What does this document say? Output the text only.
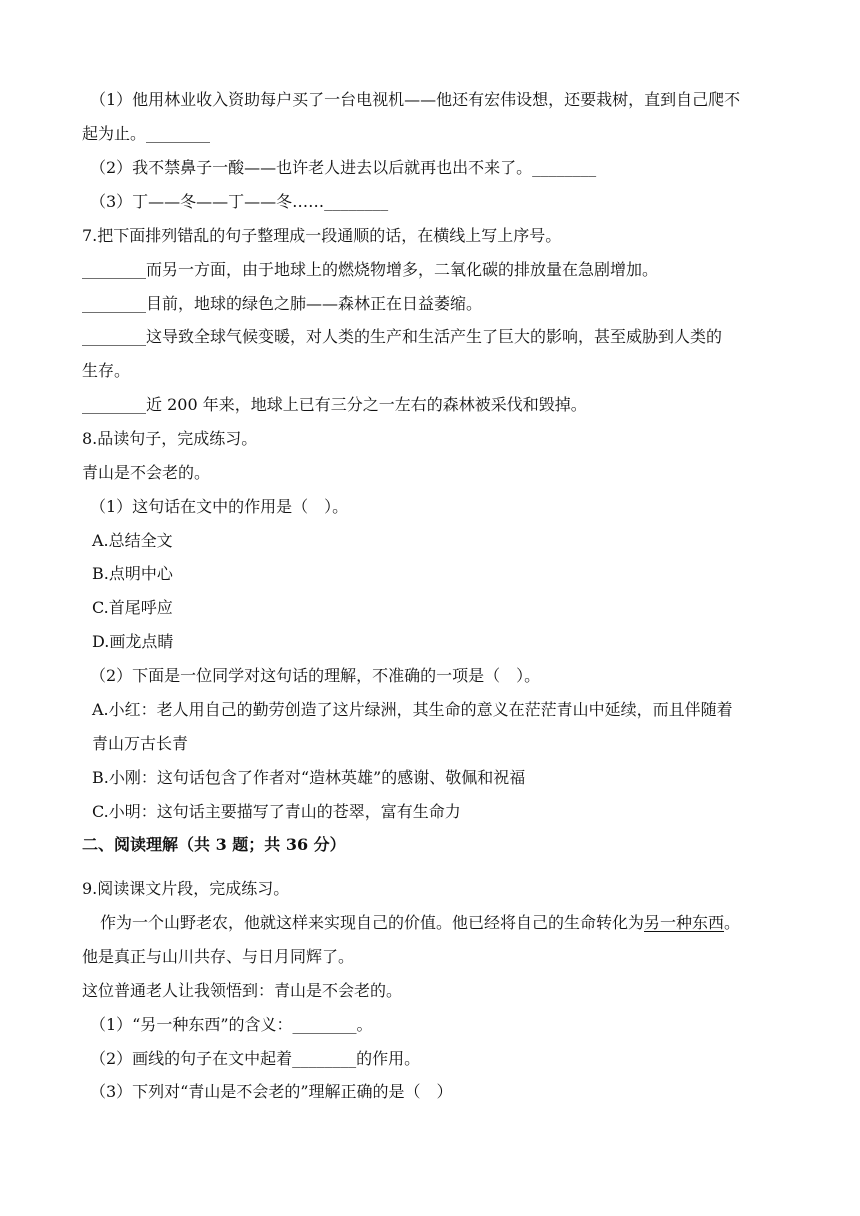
（1）他用林业收入资助每户买了一台电视机——他还有宏伟设想，还要栽树，直到自己爬不
起为止。________
（2）我不禁鼻子一酸——也许老人进去以后就再也出不来了。________
（3）丁——冬——丁——冬……________
7.把下面排列错乱的句子整理成一段通顺的话，在横线上写上序号。
________而另一方面，由于地球上的燃烧物增多，二氧化碳的排放量在急剧增加。
________目前，地球的绿色之肺——森林正在日益萎缩。
________这导致全球气候变暖，对人类的生产和生活产生了巨大的影响，甚至威胁到人类的
生存。
________近 200 年来，地球上已有三分之一左右的森林被采伐和毁掉。
8.品读句子，完成练习。
青山是不会老的。
（1）这句话在文中的作用是（　）。
A.总结全文
B.点明中心
C.首尾呼应
D.画龙点睛
（2）下面是一位同学对这句话的理解，不准确的一项是（　）。
A.小红：老人用自己的勤劳创造了这片绿洲，其生命的意义在茫茫青山中延续，而且伴随着
青山万古长青
B.小刚：这句话包含了作者对“造林英雄”的感谢、敬佩和祝福
C.小明：这句话主要描写了青山的苍翠，富有生命力
二、阅读理解（共 3 题；共 36 分）
9.阅读课文片段，完成练习。
作为一个山野老农，他就这样来实现自己的价值。他已经将自己的生命转化为另一种东西。
他是真正与山川共存、与日月同辉了。
这位普通老人让我领悟到：青山是不会老的。
（1）“另一种东西”的含义：________。
（2）画线的句子在文中起着________的作用。
（3）下列对“青山是不会老的”理解正确的是（　）
